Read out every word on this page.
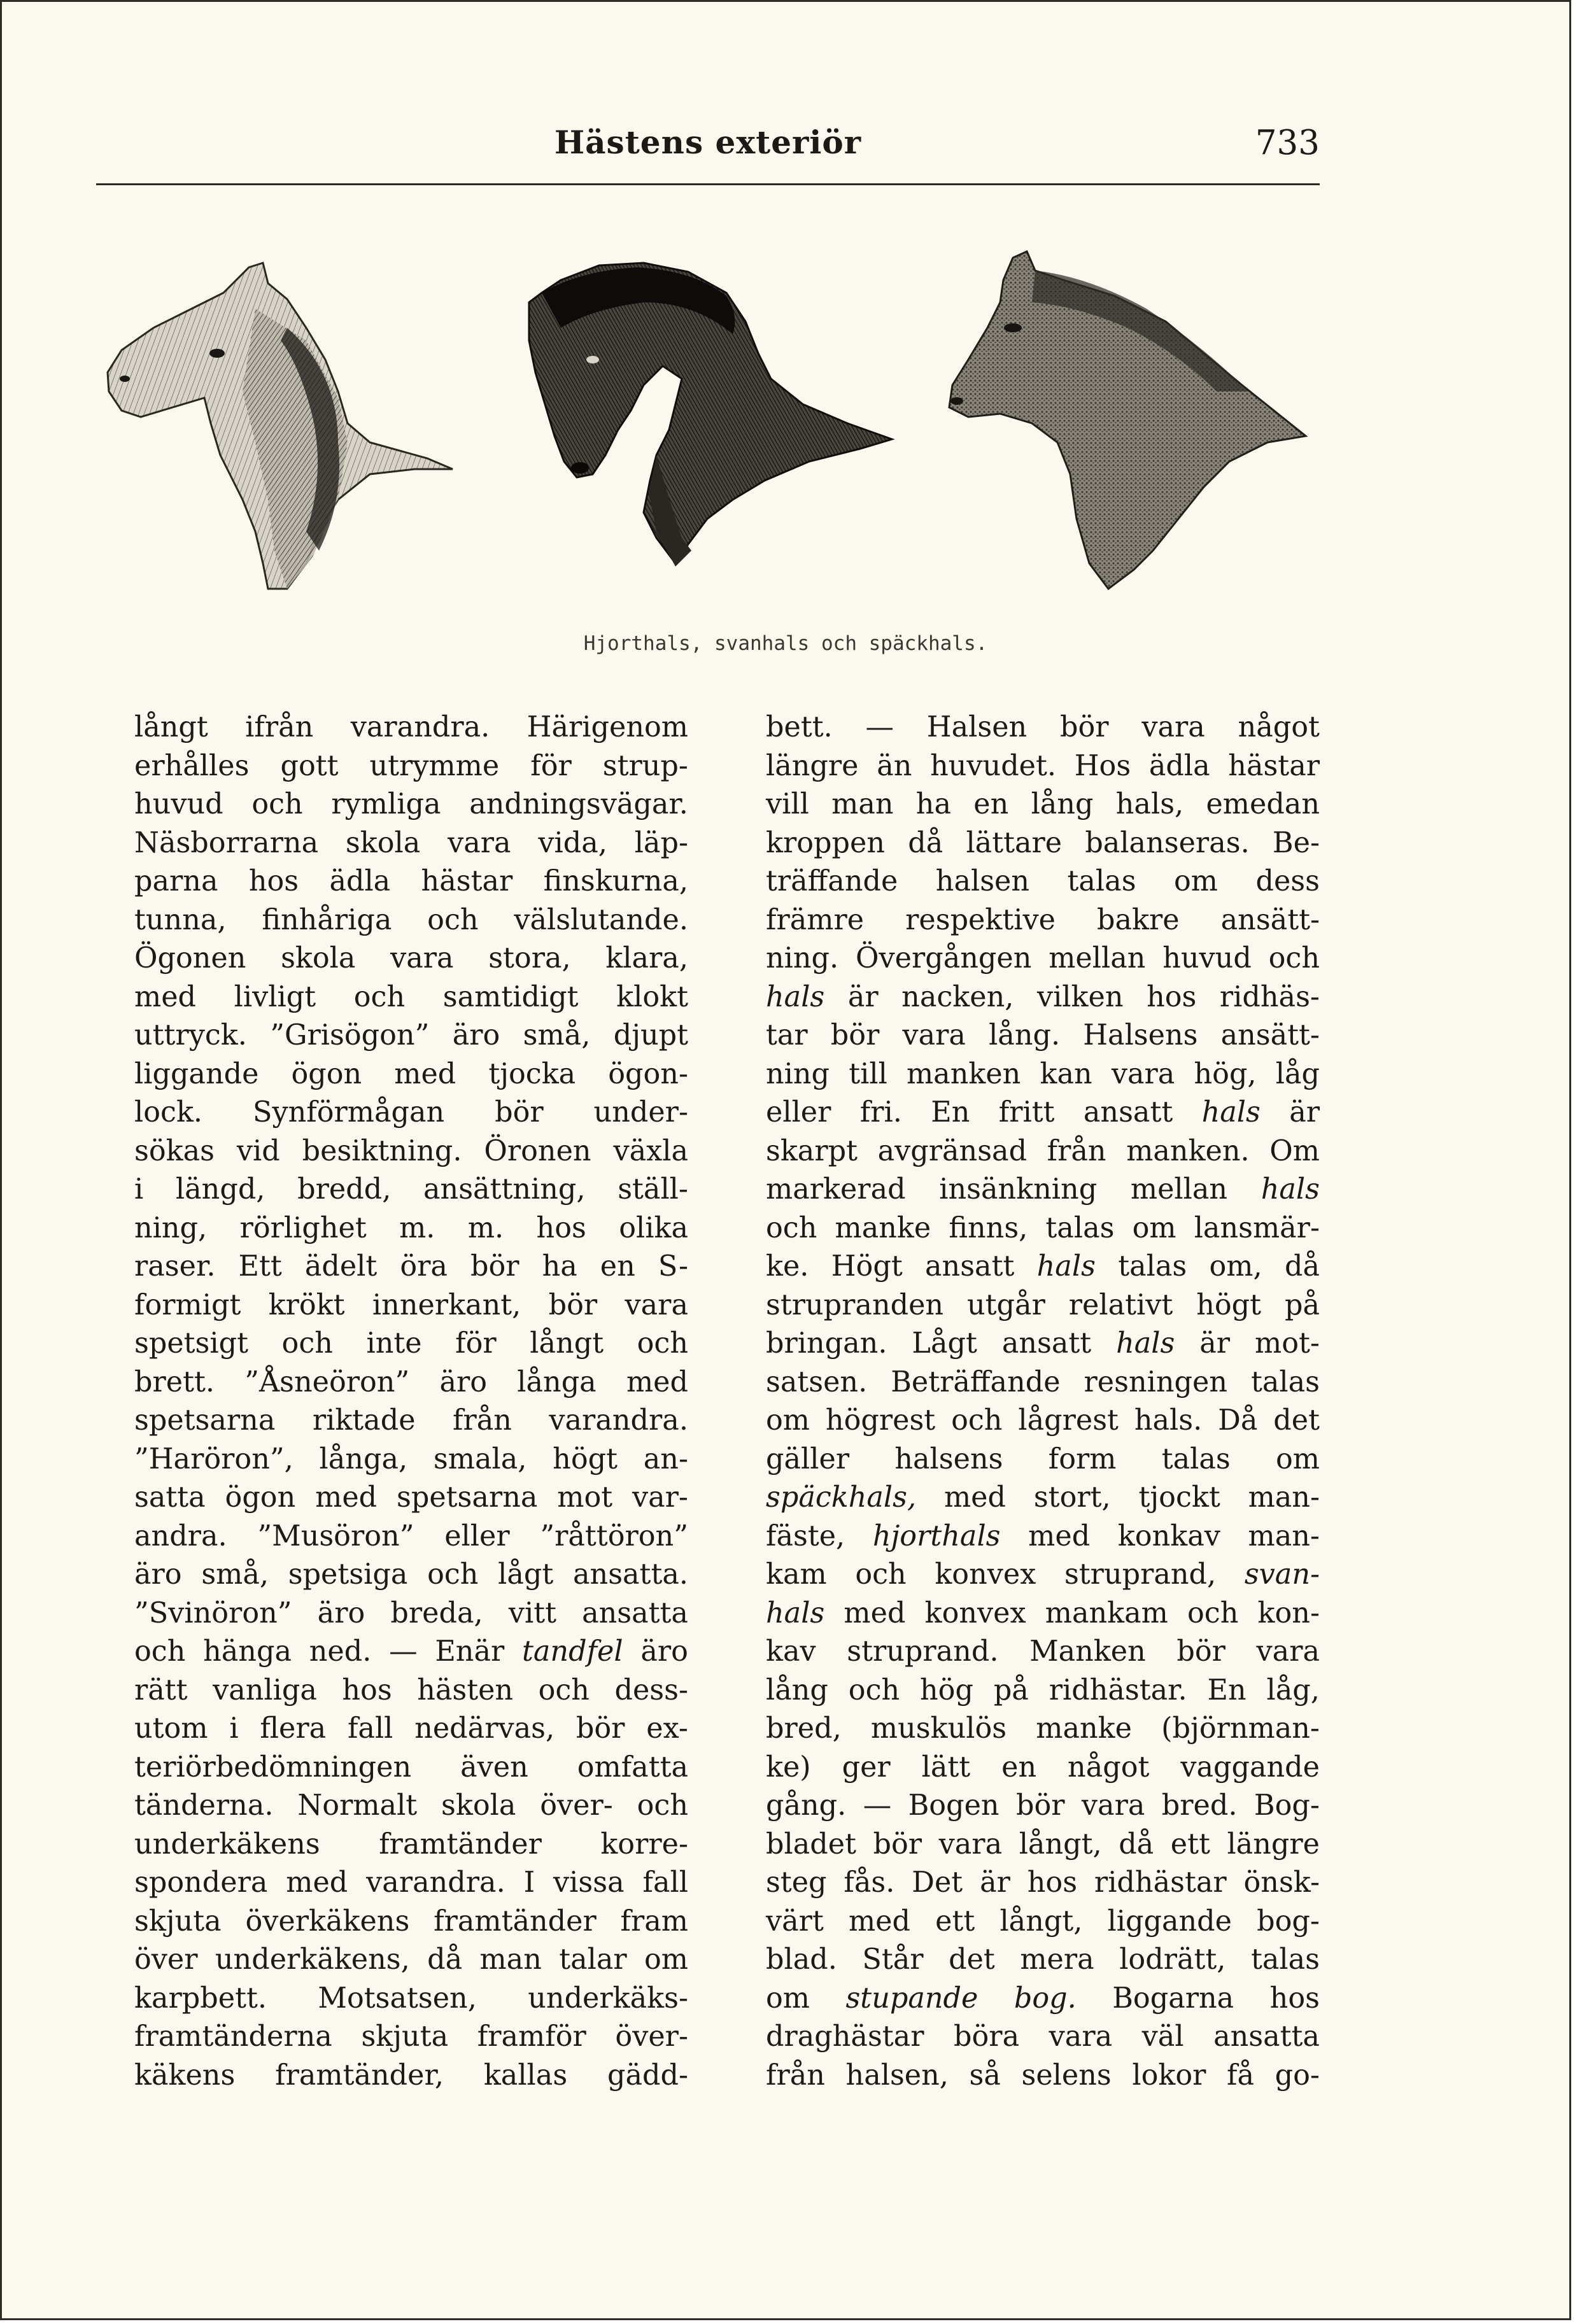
Hästens exteriör	733
Hjorthals, svanhals och späckhals.
långt ifrån varandra. Härigenom
erhålles gott utrymme för strup-
huvud och rymliga andningsvägar.
Näsborrarna skola vara vida, läp-
parna hos ädla hästar finskurna,
tunna, finhåriga och välslutande.
Ögonen skola vara stora, klara,
med livligt och samtidigt klokt
uttryck. ”Grisögon” äro små, djupt
liggande ögon med tjocka ögon-
lock. Synförmågan bör under-
sökas vid besiktning. Öronen växla
i längd, bredd, ansättning, ställ-
ning, rörlighet m. m. hos olika
raser. Ett ädelt öra bör ha en S-
formigt krökt innerkant, bör vara
spetsigt och inte för långt och
brett. ”Åsneöron” äro långa med
spetsarna riktade från varandra.
”Haröron”, långa, smala, högt an-
satta ögon med spetsarna mot var-
andra. ”Musöron” eller ”råttöron”
äro små, spetsiga och lågt ansatta.
”Svinöron” äro breda, vitt ansatta
och hänga ned. — Enär tandfel äro
rätt vanliga hos hästen och dess-
utom i flera fall nedärvas, bör ex-
teriörbedömningen även omfatta
tänderna. Normalt skola över- och
underkäkens framtänder korre-
spondera med varandra. I vissa fall
skjuta överkäkens framtänder fram
över underkäkens, då man talar om
karpbett. Motsatsen, underkäks-
framtänderna skjuta framför över-
käkens framtänder, kallas gädd-
bett. — Halsen bör vara något
längre än huvudet. Hos ädla hästar
vill man ha en lång hals, emedan
kroppen då lättare balanseras. Be-
träffande halsen talas om dess
främre respektive bakre ansätt-
ning. Övergången mellan huvud och
hals är nacken, vilken hos ridhäs-
tar bör vara lång. Halsens ansätt-
ning till manken kan vara hög, låg
eller fri. En fritt ansatt hals är
skarpt avgränsad från manken. Om
markerad insänkning mellan hals
och manke finns, talas om lansmär-
ke. Högt ansatt hals talas om, då
strupranden utgår relativt högt på
bringan. Lågt ansatt hals är mot-
satsen. Beträffande resningen talas
om högrest och lågrest hals. Då det
gäller halsens form talas om
späckhals, med stort, tjockt man-
fäste, hjorthals med konkav man-
kam och konvex struprand, svan-
hals med konvex mankam och kon-
kav struprand. Manken bör vara
lång och hög på ridhästar. En låg,
bred, muskulös manke (björnman-
ke) ger lätt en något vaggande
gång. — Bogen bör vara bred. Bog-
bladet bör vara långt, då ett längre
steg fås. Det är hos ridhästar önsk-
värt med ett långt, liggande bog-
blad. Står det mera lodrätt, talas
om stupande bog. Bogarna hos
draghästar böra vara väl ansatta
från halsen, så selens lokor få go-
